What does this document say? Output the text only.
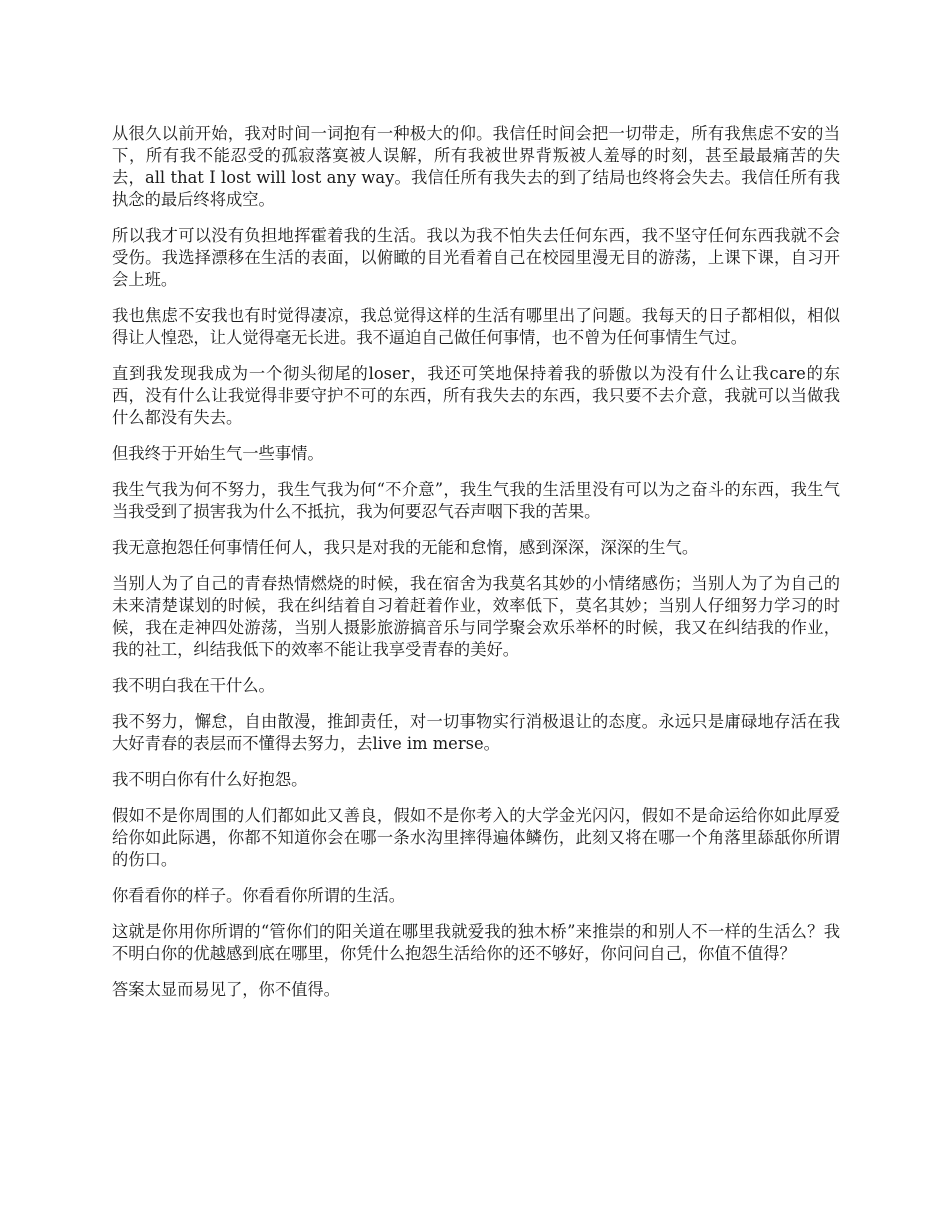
从很久以前开始，我对时间一词抱有一种极大的仰。我信任时间会把一切带走，所有我焦虑不安的当下，所有我不能忍受的孤寂落寞被人误解，所有我被世界背叛被人羞辱的时刻，甚至最最痛苦的失去，all that I lost will lost any way。我信任所有我失去的到了结局也终将会失去。我信任所有我执念的最后终将成空。

所以我才可以没有负担地挥霍着我的生活。我以为我不怕失去任何东西，我不坚守任何东西我就不会受伤。我选择漂移在生活的表面，以俯瞰的目光看着自己在校园里漫无目的游荡，上课下课，自习开会上班。

我也焦虑不安我也有时觉得凄凉，我总觉得这样的生活有哪里出了问题。我每天的日子都相似，相似得让人惶恐，让人觉得毫无长进。我不逼迫自己做任何事情，也不曾为任何事情生气过。

直到我发现我成为一个彻头彻尾的loser，我还可笑地保持着我的骄傲以为没有什么让我care的东西，没有什么让我觉得非要守护不可的东西，所有我失去的东西，我只要不去介意，我就可以当做我什么都没有失去。

但我终于开始生气一些事情。

我生气我为何不努力，我生气我为何“不介意”，我生气我的生活里没有可以为之奋斗的东西，我生气当我受到了损害我为什么不抵抗，我为何要忍气吞声咽下我的苦果。

我无意抱怨任何事情任何人，我只是对我的无能和怠惰，感到深深，深深的生气。

当别人为了自己的青春热情燃烧的时候，我在宿舍为我莫名其妙的小情绪感伤；当别人为了为自己的未来清楚谋划的时候，我在纠结着自习着赶着作业，效率低下，莫名其妙；当别人仔细努力学习的时候，我在走神四处游荡，当别人摄影旅游搞音乐与同学聚会欢乐举杯的时候，我又在纠结我的作业，我的社工，纠结我低下的效率不能让我享受青春的美好。

我不明白我在干什么。

我不努力，懈怠，自由散漫，推卸责任，对一切事物实行消极退让的态度。永远只是庸碌地存活在我大好青春的表层而不懂得去努力，去live im merse。

我不明白你有什么好抱怨。

假如不是你周围的人们都如此又善良，假如不是你考入的大学金光闪闪，假如不是命运给你如此厚爱给你如此际遇，你都不知道你会在哪一条水沟里摔得遍体鳞伤，此刻又将在哪一个角落里舔舐你所谓的伤口。

你看看你的样子。你看看你所谓的生活。

这就是你用你所谓的“管你们的阳关道在哪里我就爱我的独木桥”来推崇的和别人不一样的生活么？我不明白你的优越感到底在哪里，你凭什么抱怨生活给你的还不够好，你问问自己，你值不值得？

答案太显而易见了，你不值得。
